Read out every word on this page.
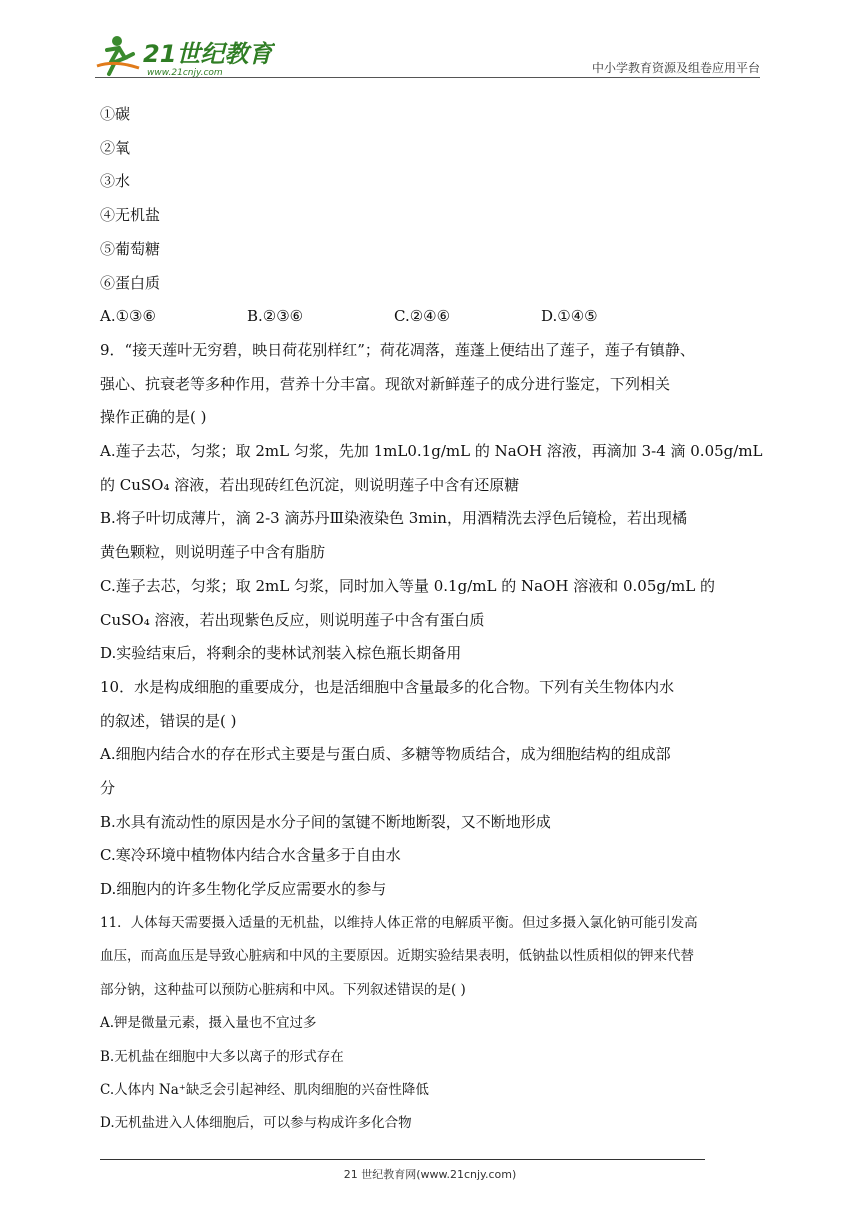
21世纪教育
www.21cnjy.com	中小学教育资源及组卷应用平台
①碳
②氧
③水
④无机盐
⑤葡萄糖
⑥蛋白质
A.①③⑥	B.②③⑥	C.②④⑥	D.①④⑤
9．“接天莲叶无穷碧，映日荷花别样红”；荷花凋落，莲蓬上便结出了莲子，莲子有镇静、
强心、抗衰老等多种作用，营养十分丰富。现欲对新鲜莲子的成分进行鉴定，下列相关
操作正确的是( )
A.莲子去芯，匀浆；取 2mL 匀浆，先加 1mL0.1g/mL 的 NaOH 溶液，再滴加 3-4 滴 0.05g/mL
的 CuSO₄ 溶液，若出现砖红色沉淀，则说明莲子中含有还原糖
B.将子叶切成薄片，滴 2-3 滴苏丹Ⅲ染液染色 3min，用酒精洗去浮色后镜检，若出现橘
黄色颗粒，则说明莲子中含有脂肪
C.莲子去芯，匀浆；取 2mL 匀浆，同时加入等量 0.1g/mL 的 NaOH 溶液和 0.05g/mL 的
CuSO₄ 溶液，若出现紫色反应，则说明莲子中含有蛋白质
D.实验结束后，将剩余的斐林试剂装入棕色瓶长期备用
10．水是构成细胞的重要成分，也是活细胞中含量最多的化合物。下列有关生物体内水
的叙述，错误的是( )
A.细胞内结合水的存在形式主要是与蛋白质、多糖等物质结合，成为细胞结构的组成部
分
B.水具有流动性的原因是水分子间的氢键不断地断裂，又不断地形成
C.寒冷环境中植物体内结合水含量多于自由水
D.细胞内的许多生物化学反应需要水的参与
11．人体每天需要摄入适量的无机盐，以维持人体正常的电解质平衡。但过多摄入氯化钠可能引发高
血压，而高血压是导致心脏病和中风的主要原因。近期实验结果表明，低钠盐以性质相似的钾来代替
部分钠，这种盐可以预防心脏病和中风。下列叙述错误的是( )
A.钾是微量元素，摄入量也不宜过多
B.无机盐在细胞中大多以离子的形式存在
C.人体内 Na⁺缺乏会引起神经、肌肉细胞的兴奋性降低
D.无机盐进入人体细胞后，可以参与构成许多化合物
21 世纪教育网(www.21cnjy.com)
